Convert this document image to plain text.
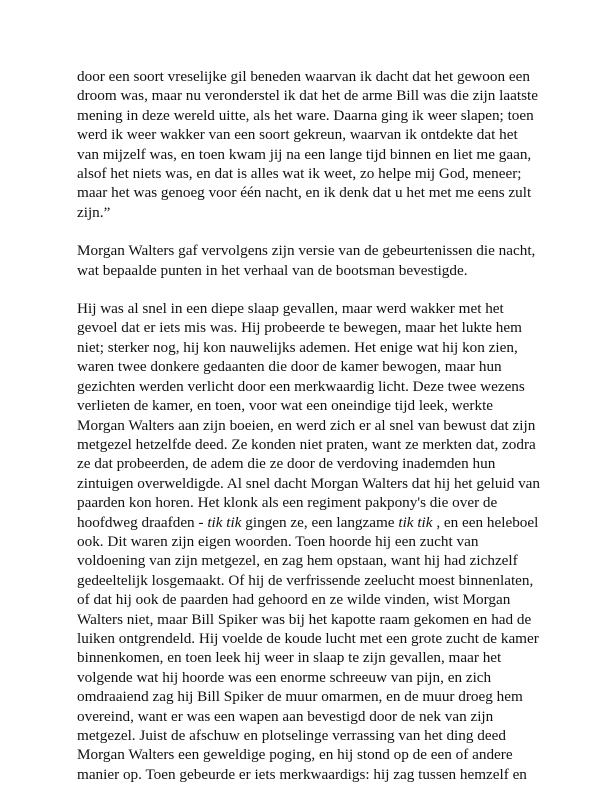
door een soort vreselijke gil beneden waarvan ik dacht dat het gewoon een
droom was, maar nu veronderstel ik dat het de arme Bill was die zijn laatste
mening in deze wereld uitte, als het ware. Daarna ging ik weer slapen; toen
werd ik weer wakker van een soort gekreun, waarvan ik ontdekte dat het
van mijzelf was, en toen kwam jij na een lange tijd binnen en liet me gaan,
alsof het niets was, en dat is alles wat ik weet, zo helpe mij God, meneer;
maar het was genoeg voor één nacht, en ik denk dat u het met me eens zult
zijn.”
Morgan Walters gaf vervolgens zijn versie van de gebeurtenissen die nacht,
wat bepaalde punten in het verhaal van de bootsman bevestigde.
Hij was al snel in een diepe slaap gevallen, maar werd wakker met het
gevoel dat er iets mis was. Hij probeerde te bewegen, maar het lukte hem
niet; sterker nog, hij kon nauwelijks ademen. Het enige wat hij kon zien,
waren twee donkere gedaanten die door de kamer bewogen, maar hun
gezichten werden verlicht door een merkwaardig licht. Deze twee wezens
verlieten de kamer, en toen, voor wat een oneindige tijd leek, werkte
Morgan Walters aan zijn boeien, en werd zich er al snel van bewust dat zijn
metgezel hetzelfde deed. Ze konden niet praten, want ze merkten dat, zodra
ze dat probeerden, de adem die ze door de verdoving inademden hun
zintuigen overweldigde. Al snel dacht Morgan Walters dat hij het geluid van
paarden kon horen. Het klonk als een regiment pakpony's die over de
hoofdweg draafden - tik tik gingen ze, een langzame tik tik , en een heleboel
ook. Dit waren zijn eigen woorden. Toen hoorde hij een zucht van
voldoening van zijn metgezel, en zag hem opstaan, want hij had zichzelf
gedeeltelijk losgemaakt. Of hij de verfrissende zeelucht moest binnenlaten,
of dat hij ook de paarden had gehoord en ze wilde vinden, wist Morgan
Walters niet, maar Bill Spiker was bij het kapotte raam gekomen en had de
luiken ontgrendeld. Hij voelde de koude lucht met een grote zucht de kamer
binnenkomen, en toen leek hij weer in slaap te zijn gevallen, maar het
volgende wat hij hoorde was een enorme schreeuw van pijn, en zich
omdraaiend zag hij Bill Spiker de muur omarmen, en de muur droeg hem
overeind, want er was een wapen aan bevestigd door de nek van zijn
metgezel. Juist de afschuw en plotselinge verrassing van het ding deed
Morgan Walters een geweldige poging, en hij stond op de een of andere
manier op. Toen gebeurde er iets merkwaardigs: hij zag tussen hemzelf en
